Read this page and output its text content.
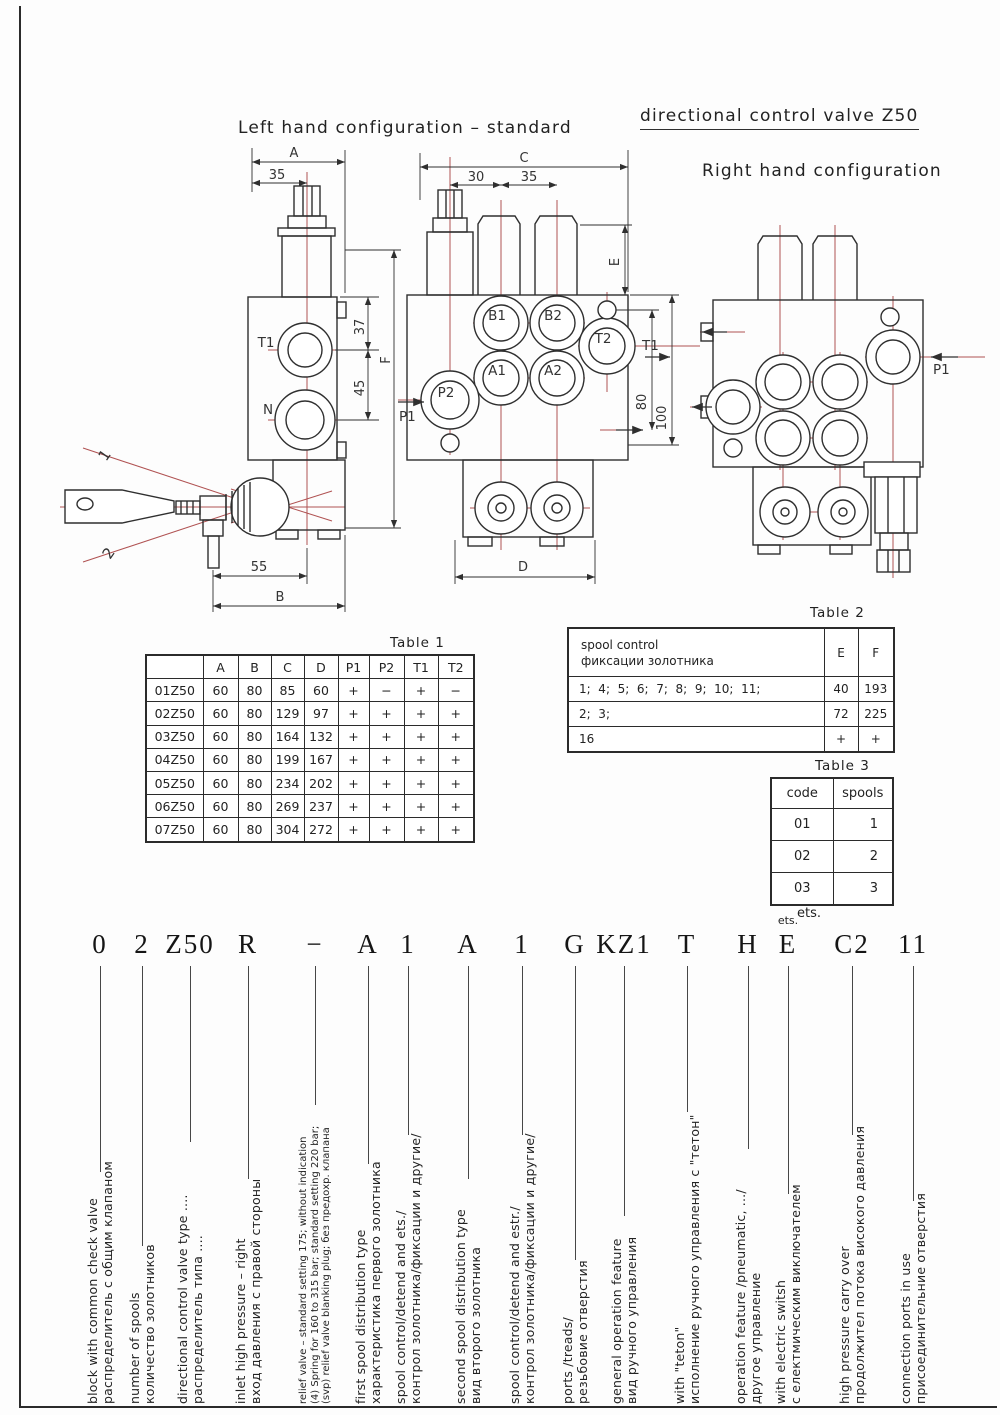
Left hand configuration – standard
directional control valve Z50
Right hand configuration
A
35
55
B
37
45
F
T1
N
1
2
C
30	35
E
80
100
D
B1	B2
T2
A1	A2
P2
P1
T1
P1
Table 1
	A	B	C	D	P1	P2	T1	T2
01Z50	60	80	85	60	+	−	+	−
02Z50	60	80	129	97	+	+	+	+
03Z50	60	80	164	132	+	+	+	+
04Z50	60	80	199	167	+	+	+	+
05Z50	60	80	234	202	+	+	+	+
06Z50	60	80	269	237	+	+	+	+
07Z50	60	80	304	272	+	+	+	+
Table 2
spool control
фиксации золотника	E	F
1;  4;  5;  6;  7;  8;  9;  10;  11;	40	193
2;  3;	72	225
16	+	+
Table 3
code	spools
01	1
02	2
03	3
ets.
0
block with common check valve распределитель с общим клапаном
2
number of spools количество золотников
Z50
directional control valve type .... распределитель типа ....
R
inlet high pressure – right вход давления с правой стороны
−
relief valve – standard setting 175; without indication (4) Spring for 160 to 315 bar; standard setting 220 bar; (svp) relief valve blanking plug; без предохр. клапана
A
first spool distribution type характеристика первого золотника
1
spool control/detend and ets./ контрол золотника/фиксации и другие/
A
second spool distribution type вид второго золотника
1
spool control/detend and estr./ контрол золотника/фиксации и другие/
G
ports /treads/ резьбовие отверстия
KZ1
general operation feature вид ручного управления
T
with "teton" исполнение ручного управления с "тетон"
H
operation feature /pneumatic, .../ другое управление
E
with electric switsh с електмическим виключателем
C2
high pressure carry over продолжител потока високого давления
11
connection ports in use присоединительние отверстия
ets.
